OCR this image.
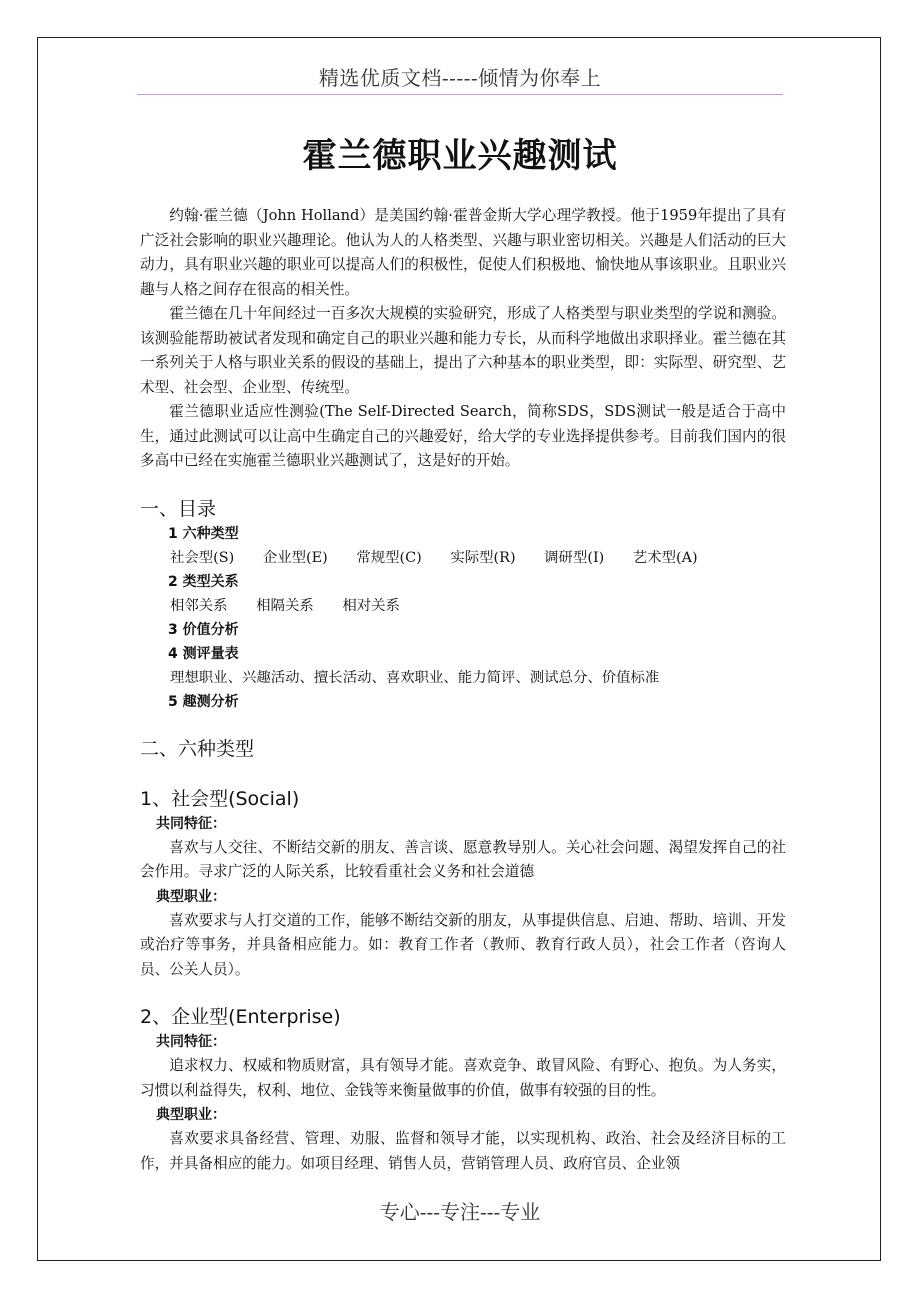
精选优质文档-----倾情为你奉上
霍兰德职业兴趣测试

约翰·霍兰德（John Holland）是美国约翰·霍普金斯大学心理学教授。他于1959年提出了具有广泛社会影响的职业兴趣理论。他认为人的人格类型、兴趣与职业密切相关。兴趣是人们活动的巨大动力，具有职业兴趣的职业可以提高人们的积极性，促使人们积极地、愉快地从事该职业。且职业兴趣与人格之间存在很高的相关性。

霍兰德在几十年间经过一百多次大规模的实验研究，形成了人格类型与职业类型的学说和测验。该测验能帮助被试者发现和确定自己的职业兴趣和能力专长，从而科学地做出求职择业。霍兰德在其一系列关于人格与职业关系的假设的基础上，提出了六种基本的职业类型，即：实际型、研究型、艺术型、社会型、企业型、传统型。

霍兰德职业适应性测验(The Self-Directed Search，简称SDS，SDS测试一般是适合于高中生，通过此测试可以让高中生确定自己的兴趣爱好，给大学的专业选择提供参考。目前我们国内的很多高中已经在实施霍兰德职业兴趣测试了，这是好的开始。

一、目录
1 六种类型
社会型(S) 企业型(E) 常规型(C) 实际型(R) 调研型(I) 艺术型(A)
2 类型关系
相邻关系 相隔关系 相对关系
3 价值分析
4 测评量表
理想职业、兴趣活动、擅长活动、喜欢职业、能力简评、测试总分、价值标准
5 趣测分析
二、六种类型
1、社会型(Social)
共同特征：

喜欢与人交往、不断结交新的朋友、善言谈、愿意教导别人。关心社会问题、渴望发挥自己的社会作用。寻求广泛的人际关系，比较看重社会义务和社会道德

典型职业：

喜欢要求与人打交道的工作，能够不断结交新的朋友，从事提供信息、启迪、帮助、培训、开发或治疗等事务，并具备相应能力。如：教育工作者（教师、教育行政人员），社会工作者（咨询人员、公关人员）。

2、企业型(Enterprise)
共同特征：

追求权力、权威和物质财富，具有领导才能。喜欢竞争、敢冒风险、有野心、抱负。为人务实，习惯以利益得失，权利、地位、金钱等来衡量做事的价值，做事有较强的目的性。

典型职业：

喜欢要求具备经营、管理、劝服、监督和领导才能，以实现机构、政治、社会及经济目标的工作，并具备相应的能力。如项目经理、销售人员，营销管理人员、政府官员、企业领

专心---专注---专业
